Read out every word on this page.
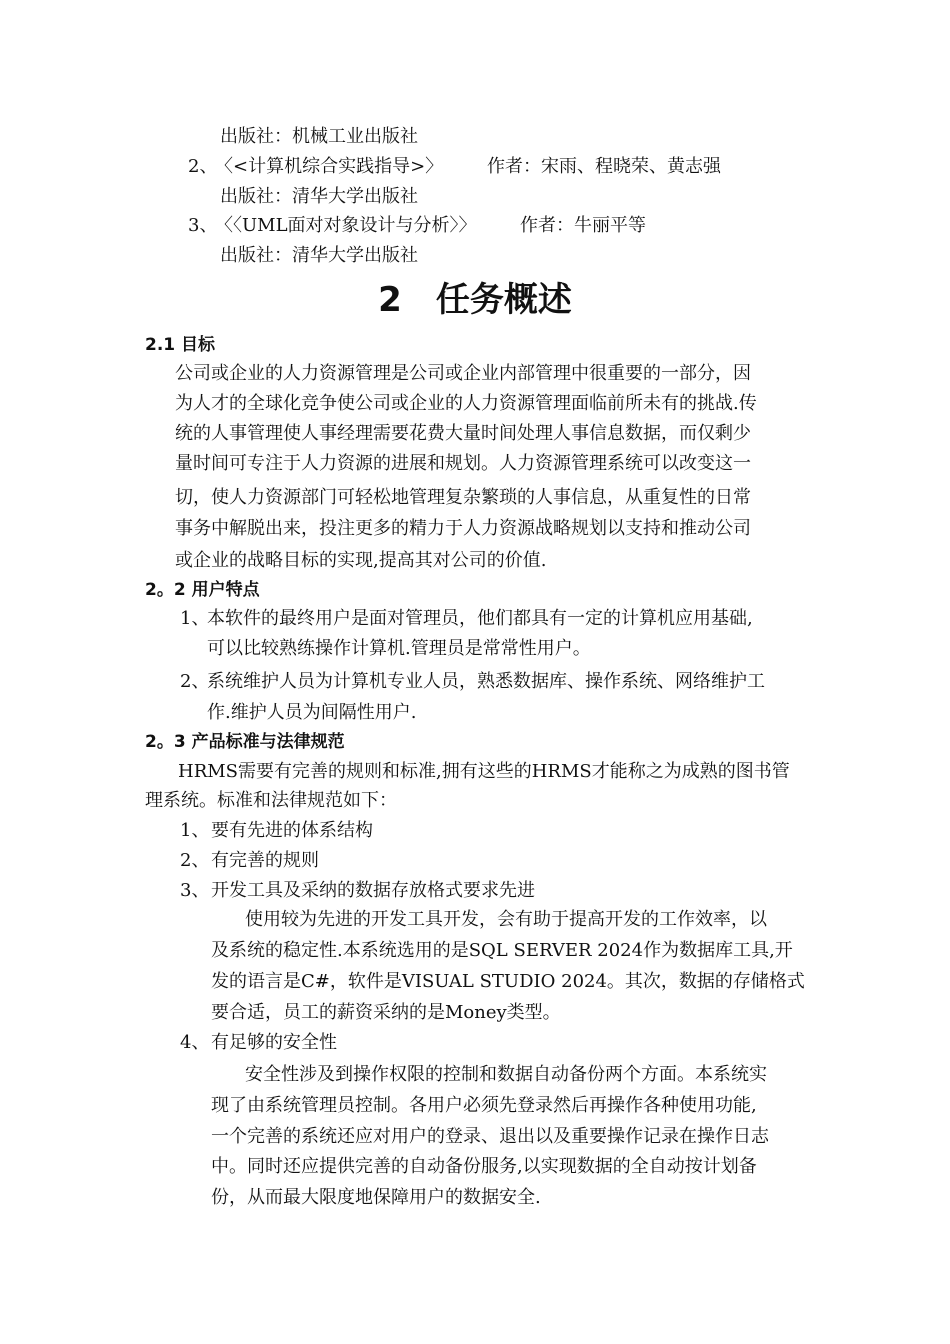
出版社：机械工业出版社
2、
〈<计算机综合实践指导>〉 作者：宋雨、程晓荣、黄志强
出版社：清华大学出版社
3、
〈〈UML面对对象设计与分析〉〉 作者：牛丽平等
出版社：清华大学出版社
2　任务概述
2.1 目标
公司或企业的人力资源管理是公司或企业内部管理中很重要的一部分，因
为人才的全球化竞争使公司或企业的人力资源管理面临前所未有的挑战.传
统的人事管理使人事经理需要花费大量时间处理人事信息数据，而仅剩少
量时间可专注于人力资源的进展和规划。人力资源管理系统可以改变这一
切，使人力资源部门可轻松地管理复杂繁琐的人事信息，从重复性的日常
事务中解脱出来，投注更多的精力于人力资源战略规划以支持和推动公司
或企业的战略目标的实现,提高其对公司的价值.
2。2 用户特点
1、
本软件的最终用户是面对管理员，他们都具有一定的计算机应用基础,
可以比较熟练操作计算机.管理员是常常性用户。
2、
系统维护人员为计算机专业人员，熟悉数据库、操作系统、网络维护工
作.维护人员为间隔性用户.
2。3 产品标准与法律规范
HRMS需要有完善的规则和标准,拥有这些的HRMS才能称之为成熟的图书管
理系统。标准和法律规范如下：
1、 要有先进的体系结构
2、 有完善的规则
3、 开发工具及采纳的数据存放格式要求先进
使用较为先进的开发工具开发，会有助于提高开发的工作效率，以
及系统的稳定性.本系统选用的是SQL SERVER 2024作为数据库工具,开
发的语言是C#，软件是VISUAL STUDIO 2024。其次，数据的存储格式
要合适，员工的薪资采纳的是Money类型。
4、 有足够的安全性
安全性涉及到操作权限的控制和数据自动备份两个方面。本系统实
现了由系统管理员控制。各用户必须先登录然后再操作各种使用功能,
一个完善的系统还应对用户的登录、退出以及重要操作记录在操作日志
中。同时还应提供完善的自动备份服务,以实现数据的全自动按计划备
份，从而最大限度地保障用户的数据安全.
